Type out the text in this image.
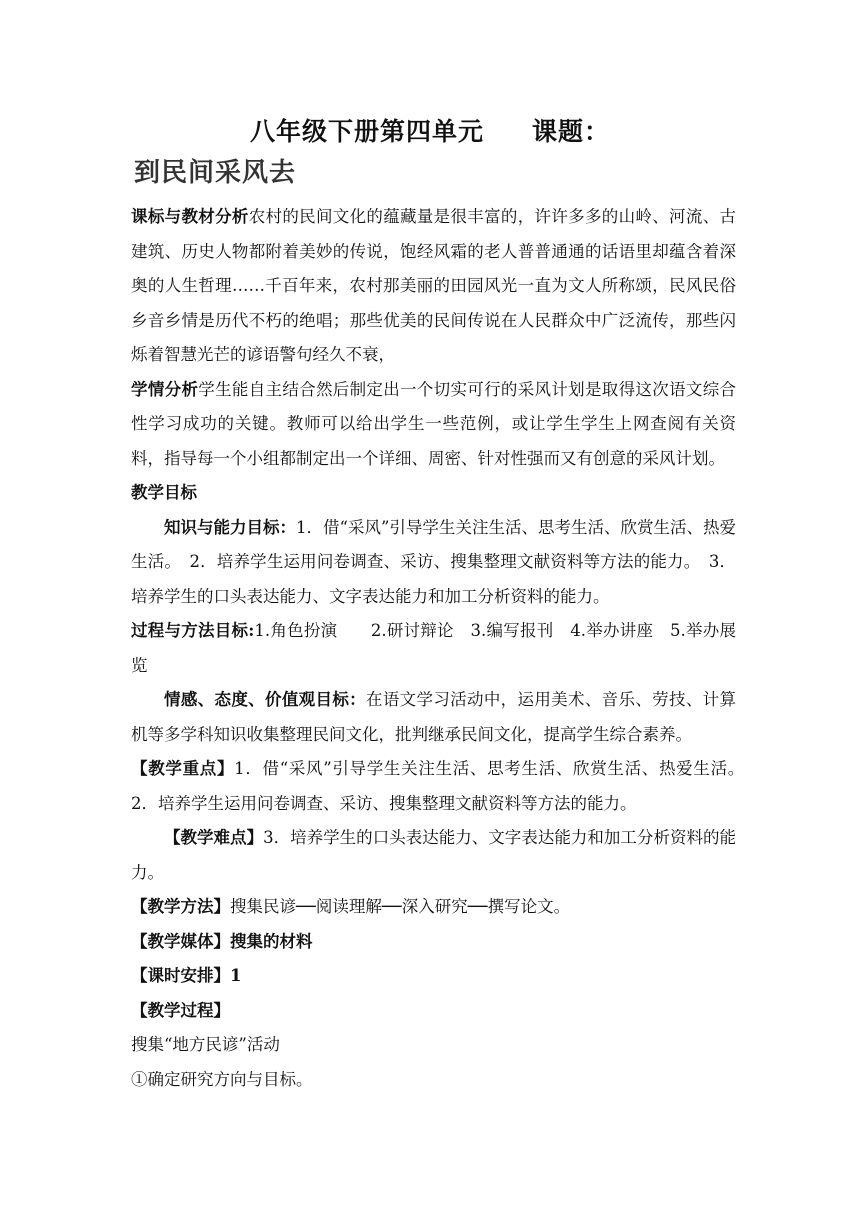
八年级下册第四单元 课题：
到民间采风去

课标与教材分析农村的民间文化的蕴藏量是很丰富的，许许多多的山岭、河流、古建筑、历史人物都附着美妙的传说，饱经风霜的老人普普通通的话语里却蕴含着深奥的人生哲理……千百年来，农村那美丽的田园风光一直为文人所称颂，民风民俗乡音乡情是历代不朽的绝唱；那些优美的民间传说在人民群众中广泛流传，那些闪烁着智慧光芒的谚语警句经久不衰，

学情分析学生能自主结合然后制定出一个切实可行的采风计划是取得这次语文综合性学习成功的关键。教师可以给出学生一些范例，或让学生学生上网查阅有关资料，指导每一个小组都制定出一个详细、周密、针对性强而又有创意的采风计划。

教学目标

知识与能力目标：1．借“采风”引导学生关注生活、思考生活、欣赏生活、热爱生活。　2．培养学生运用问卷调查、采访、搜集整理文献资料等方法的能力。　3．培养学生的口头表达能力、文字表达能力和加工分析资料的能力。

过程与方法目标:1.角色扮演　　2.研讨辩论　3.编写报刊　4.举办讲座　5.举办展览

情感、态度、价值观目标：在语文学习活动中，运用美术、音乐、劳技、计算机等多学科知识收集整理民间文化，批判继承民间文化，提高学生综合素养。

【教学重点】1．借“采风”引导学生关注生活、思考生活、欣赏生活、热爱生活。　2．培养学生运用问卷调查、采访、搜集整理文献资料等方法的能力。

【教学难点】3．培养学生的口头表达能力、文字表达能力和加工分析资料的能力。

【教学方法】搜集民谚──阅读理解──深入研究──撰写论文。

【教学媒体】搜集的材料

【课时安排】1

【教学过程】

搜集“地方民谚”活动

①确定研究方向与目标。
